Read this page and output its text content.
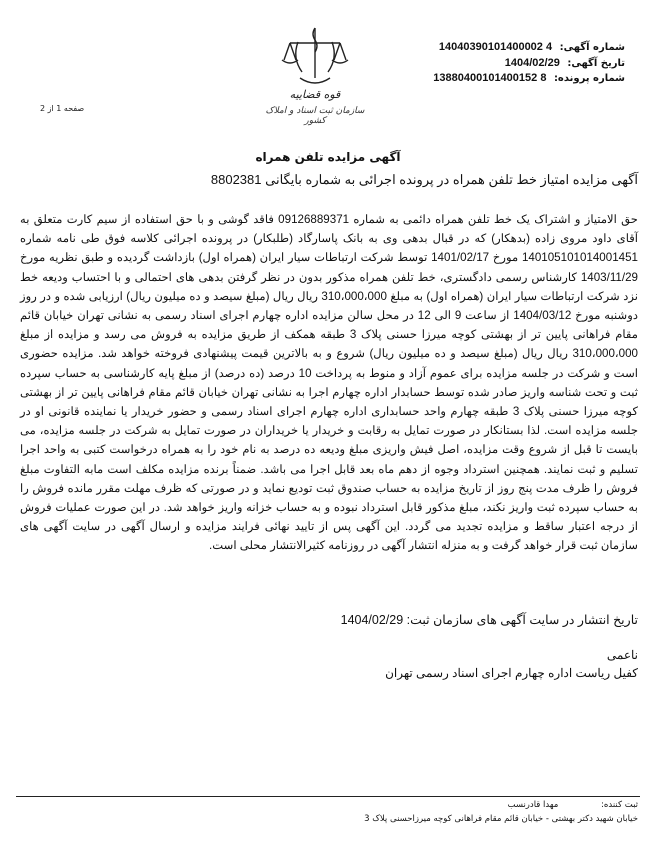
شماره آگهی: 14040390101400002 4
تاریخ آگهی: 1404/02/29
شماره پرونده: 13880400101400152 8
قوه قضاییه
سازمان ثبت اسناد و املاک کشور
صفحه 1 از 2
آگهی مزایده تلفن همراه
آگهی مزایده امتیاز خط تلفن همراه در پرونده اجرائی به شماره بایگانی 8802381
حق الامتیاز و اشتراک یک خط تلفن همراه دائمی به شماره 09126889371 فاقد گوشی و با حق استفاده از سیم کارت متعلق به آقای داود مروی زاده (بدهکار) که در قبال بدهی وی به بانک پاسارگاد (طلبکار) در پرونده اجرائی کلاسه فوق طی نامه شماره 140105101014001451 مورخ 1401/02/17 توسط شرکت ارتباطات سیار ایران (همراه اول) بازداشت گردیده و طبق نظریه مورخ 1403/11/29 کارشناس رسمی دادگستری، خط تلفن همراه مذکور بدون در نظر گرفتن بدهی های احتمالی و با احتساب ودیعه خط نزد شرکت ارتباطات سیار ایران (همراه اول) به مبلغ 310،000،000 ریال ریال (مبلغ سیصد و ده میلیون ریال) ارزیابی شده و در روز دوشنبه مورخ 1404/03/12 از ساعت 9 الی 12 در محل سالن مزایده اداره چهارم اجرای اسناد رسمی به نشانی تهران خیابان قائم مقام فراهانی پایین تر از بهشتی کوچه میرزا حسنی پلاک 3 طبقه همکف از طریق مزایده به فروش می رسد و مزایده از مبلغ 310،000،000 ریال ریال (مبلغ سیصد و ده میلیون ریال) شروع و به بالاترین قیمت پیشنهادی فروخته خواهد شد. مزایده حضوری است و شرکت در جلسه مزایده برای عموم آزاد و منوط به پرداخت 10 درصد (ده درصد) از مبلغ پایه کارشناسی به حساب سپرده ثبت و تحت شناسه واریز صادر شده توسط حسابدار اداره چهارم اجرا به نشانی تهران خیابان قائم مقام فراهانی پایین تر از بهشتی کوچه میرزا حسنی پلاک 3 طبقه چهارم واحد حسابداری اداره چهارم اجرای اسناد رسمی و حضور خریدار یا نماینده قانونی او در جلسه مزایده است. لذا بستانکار در صورت تمایل به رقابت و خریدار یا خریداران در صورت تمایل به شرکت در جلسه مزایده، می بایست تا قبل از شروع وقت مزایده، اصل فیش واریزی مبلغ ودیعه ده درصد به نام خود را به همراه درخواست کتبی به واحد اجرا تسلیم و ثبت نمایند. همچنین استرداد وجوه از دهم ماه بعد قابل اجرا می باشد. ضمناً برنده مزایده مکلف است مابه التفاوت مبلغ فروش را ظرف مدت پنج روز از تاریخ مزایده به حساب صندوق ثبت تودیع نماید و در صورتی که ظرف مهلت مقرر مانده فروش را به حساب سپرده ثبت واریز نکند، مبلغ مذکور قابل استرداد نبوده و به حساب خزانه واریز خواهد شد. در این صورت عملیات فروش از درجه اعتبار ساقط و مزایده تجدید می گردد. این آگهی پس از تایید نهائی فرایند مزایده و ارسال آگهی در سایت آگهی های سازمان ثبت قرار خواهد گرفت و به منزله انتشار آگهی در روزنامه کثیرالانتشار محلی است.
تاریخ انتشار در سایت آگهی های سازمان ثبت: 1404/02/29
ناعمی
کفیل ریاست اداره چهارم اجرای اسناد رسمی تهران
ثبت کننده: مهدا قادرنسب
خیابان شهید دکتر بهشتی - خیابان قائم مقام فراهانی کوچه میرزاحسنی پلاک 3
